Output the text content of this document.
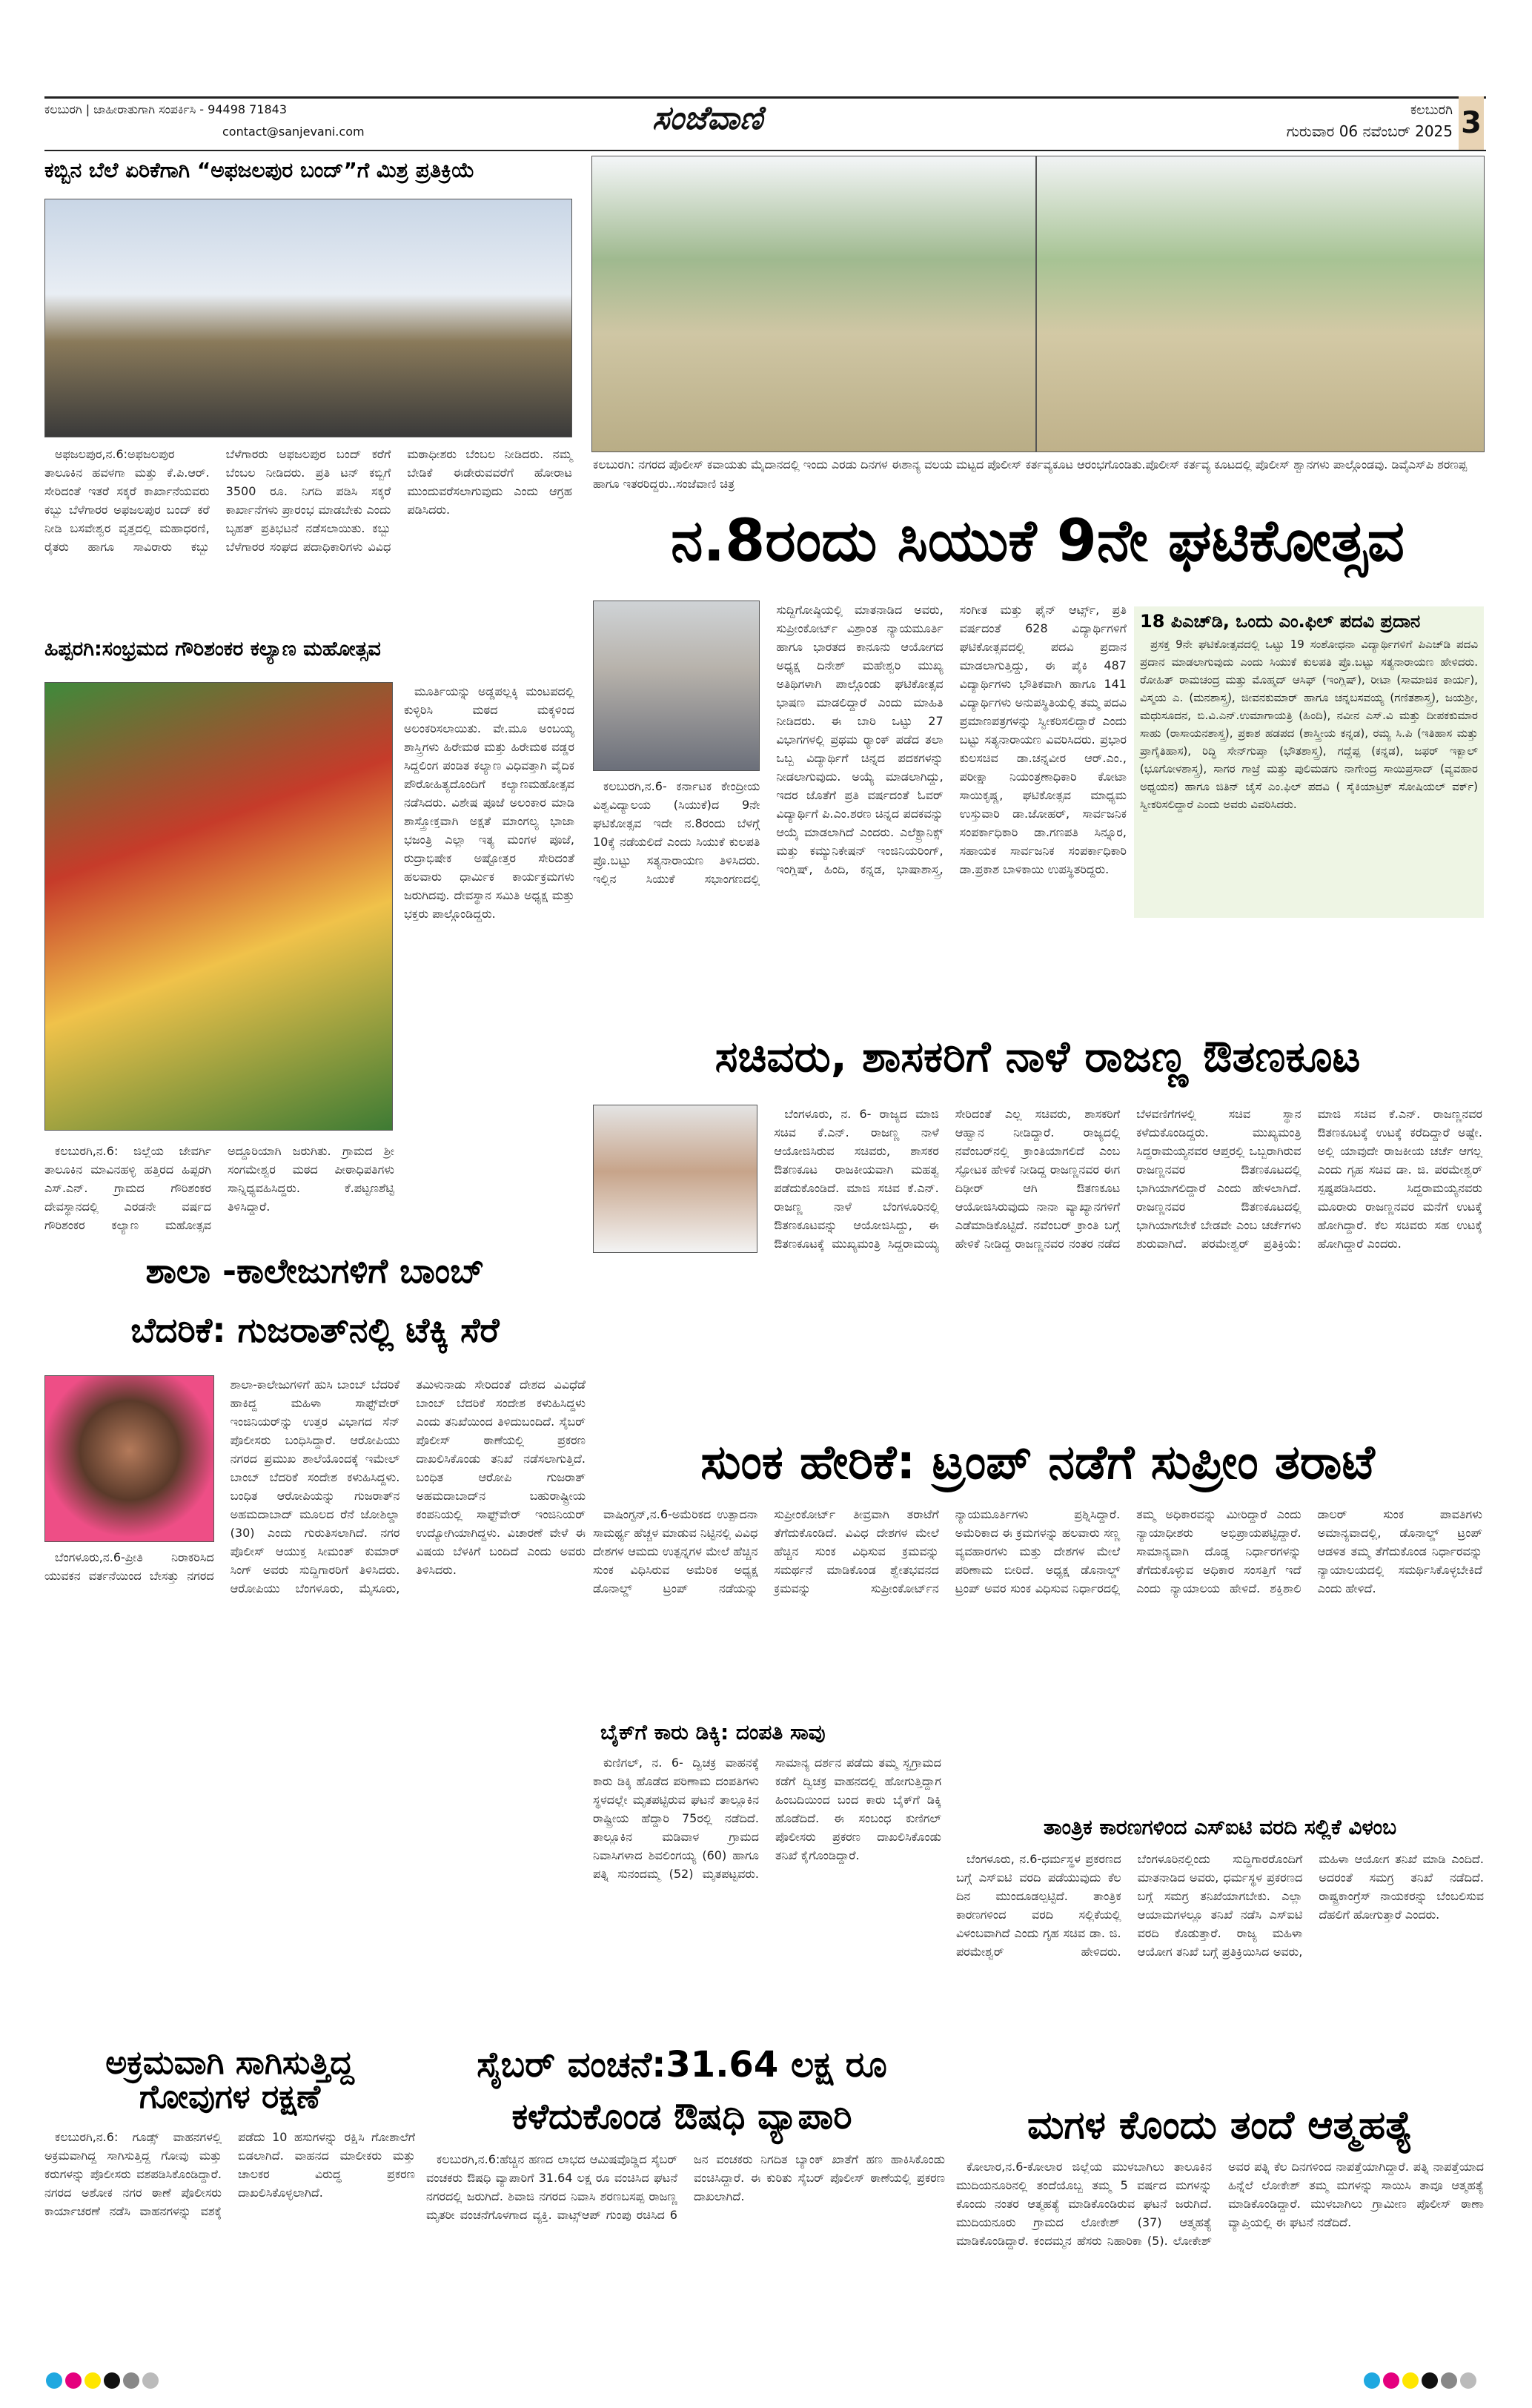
ಕಲಬುರಗಿ | ಜಾಹೀರಾತುಗಾಗಿ ಸಂಪರ್ಕಿಸಿ - 94498 71843
contact@sanjevani.com	ಸಂಜೆವಾಣಿ	ಕಲಬುರಗಿ
ಗುರುವಾರ 06 ನವೆಂಬರ್ 2025 3
ಕಬ್ಬಿನ ಬೆಲೆ ಏರಿಕೆಗಾಗಿ “ಅಫಜಲಪುರ ಬಂದ್”ಗೆ ಮಿಶ್ರ ಪ್ರತಿಕ್ರಿಯೆ

ಅಫಜಲಪುರ,ನ.6:ಅಫಜಲಪುರ ತಾಲೂಕಿನ ಹವಳಗಾ ಮತ್ತು ಕೆ.ಪಿ.ಆರ್. ಸೇರಿದಂತೆ ಇತರೆ ಸಕ್ಕರೆ ಕಾರ್ಖಾನೆಯವರು ಕಬ್ಬು ಬೆಳೆಗಾರರ ಅಫಜಲಪುರ ಬಂದ್ ಕರೆ ನೀಡಿ ಬಸವೇಶ್ವರ ವೃತ್ತದಲ್ಲಿ ಮಹಾಧರಣಿ, ರೈತರು ಹಾಗೂ ಸಾವಿರಾರು ಕಬ್ಬು ಬೆಳೆಗಾರರು ಅಫಜಲಪುರ ಬಂದ್ ಕರೆಗೆ ಬೆಂಬಲ ನೀಡಿದರು. ಪ್ರತಿ ಟನ್ ಕಬ್ಬಿಗೆ 3500 ರೂ. ನಿಗದಿ ಪಡಿಸಿ ಸಕ್ಕರೆ ಕಾರ್ಖಾನೆಗಳು ಪ್ರಾರಂಭ ಮಾಡಬೇಕು ಎಂದು ಬೃಹತ್ ಪ್ರತಿಭಟನೆ ನಡೆಸಲಾಯಿತು. ಕಬ್ಬು ಬೆಳೆಗಾರರ ಸಂಘದ ಪದಾಧಿಕಾರಿಗಳು ವಿವಿಧ ಮಠಾಧೀಶರು ಬೆಂಬಲ ನೀಡಿದರು. ನಮ್ಮ ಬೇಡಿಕೆ ಈಡೇರುವವರೆಗೆ ಹೋರಾಟ ಮುಂದುವರೆಸಲಾಗುವುದು ಎಂದು ಆಗ್ರಹ ಪಡಿಸಿದರು.

ಕಲಬುರಗಿ: ನಗರದ ಪೊಲೀಸ್ ಕವಾಯತು ಮೈದಾನದಲ್ಲಿ ಇಂದು ಎರಡು ದಿನಗಳ ಈಶಾನ್ಯ ವಲಯ ಮಟ್ಟದ ಪೊಲೀಸ್ ಕರ್ತವ್ಯಕೂಟ ಆರಂಭಗೊಂಡಿತು.ಪೊಲೀಸ್ ಕರ್ತವ್ಯ ಕೂಟದಲ್ಲಿ ಪೊಲೀಸ್ ಶ್ವಾನಗಳು ಪಾಲ್ಗೊಂಡವು. ಡಿವೈಎಸ್‌ಪಿ ಶರಣಪ್ಪ ಹಾಗೂ ಇತರರಿದ್ದರು..ಸಂಜೆವಾಣಿ ಚಿತ್ರ
ನ.8ರಂದು ಸಿಯುಕೆ 9ನೇ ಘಟಿಕೋತ್ಸವ

ಕಲಬುರಗಿ,ನ.6- ಕರ್ನಾಟಕ ಕೇಂದ್ರೀಯ ವಿಶ್ವವಿದ್ಯಾಲಯ (ಸಿಯುಕೆ)ದ 9ನೇ ಘಟಿಕೋತ್ಸವ ಇದೇ ನ.8ರಂದು ಬೆಳಗ್ಗೆ 10ಕ್ಕೆ ನಡೆಯಲಿದೆ ಎಂದು ಸಿಯುಕೆ ಕುಲಪತಿ ಪ್ರೊ.ಬಟ್ಟು ಸತ್ಯನಾರಾಯಣ ತಿಳಿಸಿದರು. ಇಲ್ಲಿನ ಸಿಯುಕೆ ಸಭಾಂಗಣದಲ್ಲಿ ಸುದ್ದಿಗೋಷ್ಠಿಯಲ್ಲಿ ಮಾತನಾಡಿದ ಅವರು, ಸುಪ್ರೀಂಕೋರ್ಟ್ ವಿಶ್ರಾಂತ ನ್ಯಾಯಮೂರ್ತಿ ಹಾಗೂ ಭಾರತದ ಕಾನೂನು ಆಯೋಗದ ಅಧ್ಯಕ್ಷ ದಿನೇಶ್ ಮಹೇಶ್ವರಿ ಮುಖ್ಯ ಅತಿಥಿಗಳಾಗಿ ಪಾಲ್ಗೊಂಡು ಘಟಿಕೋತ್ಸವ ಭಾಷಣ ಮಾಡಲಿದ್ದಾರೆ ಎಂದು ಮಾಹಿತಿ ನೀಡಿದರು. ಈ ಬಾರಿ ಒಟ್ಟು 27 ವಿಭಾಗಗಳಲ್ಲಿ ಪ್ರಥಮ ರ‍್ಯಾಂಕ್ ಪಡೆದ ತಲಾ ಒಬ್ಬ ವಿದ್ಯಾರ್ಥಿಗೆ ಚಿನ್ನದ ಪದಕಗಳನ್ನು ನೀಡಲಾಗುವುದು. ಅಯ್ಯೆ ಮಾಡಲಾಗಿದ್ದು, ಇದರ ಜೊತೆಗೆ ಪ್ರತಿ ವರ್ಷದಂತೆ ಓವರ್ ವಿದ್ಯಾರ್ಥಿಗೆ ಪಿ.ಎಂ.ಶರಣ ಚಿನ್ನದ ಪದಕವನ್ನು ಆಯ್ಕೆ ಮಾಡಲಾಗಿದೆ ಎಂದರು. ಎಲೆಕ್ಟ್ರಾನಿಕ್ಸ್ ಮತ್ತು ಕಮ್ಯುನಿಕೇಷನ್ ಇಂಜಿನಿಯರಿಂಗ್, ಇಂಗ್ಲಿಷ್, ಹಿಂದಿ, ಕನ್ನಡ, ಭಾಷಾಶಾಸ್ತ್ರ, ಸಂಗೀತ ಮತ್ತು ಫೈನ್ ಆರ್ಟ್ಸ್, ಪ್ರತಿ ವರ್ಷದಂತೆ 628 ವಿದ್ಯಾರ್ಥಿಗಳಿಗೆ ಘಟಿಕೋತ್ಸವದಲ್ಲಿ ಪದವಿ ಪ್ರದಾನ ಮಾಡಲಾಗುತ್ತಿದ್ದು, ಈ ಪೈಕಿ 487 ವಿದ್ಯಾರ್ಥಿಗಳು ಭೌತಿಕವಾಗಿ ಹಾಗೂ 141 ವಿದ್ಯಾರ್ಥಿಗಳು ಅನುಪಸ್ಥಿತಿಯಲ್ಲಿ ತಮ್ಮ ಪದವಿ ಪ್ರಮಾಣಪತ್ರಗಳನ್ನು ಸ್ವೀಕರಿಸಲಿದ್ದಾರೆ ಎಂದು ಬಟ್ಟು ಸತ್ಯನಾರಾಯಣ ವಿವರಿಸಿದರು. ಪ್ರಭಾರ ಕುಲಸಚಿವ ಡಾ.ಚನ್ನವೀರ ಆರ್.ಎಂ., ಪರೀಕ್ಷಾ ನಿಯಂತ್ರಣಾಧಿಕಾರಿ ಕೋಟಾ ಸಾಯಿಕೃಷ್ಣ, ಘಟಿಕೋತ್ಸವ ಮಾಧ್ಯಮ ಉಸ್ತುವಾರಿ ಡಾ.ಜೋಹರ್, ಸಾರ್ವಜನಿಕ ಸಂಪರ್ಕಾಧಿಕಾರಿ ಡಾ.ಗಣಪತಿ ಸಿನ್ನೂರ, ಸಹಾಯಕ ಸಾರ್ವಜನಿಕ ಸಂಪರ್ಕಾಧಿಕಾರಿ ಡಾ.ಪ್ರಕಾಶ ಬಾಳಿಕಾಯಿ ಉಪಸ್ಥಿತರಿದ್ದರು.

18 ಪಿಎಚ್‌ಡಿ, ಒಂದು ಎಂ.ಫಿಲ್ ಪದವಿ ಪ್ರದಾನ

ಪ್ರಸಕ್ತ 9ನೇ ಘಟಿಕೋತ್ಸವದಲ್ಲಿ ಒಟ್ಟು 19 ಸಂಶೋಧನಾ ವಿದ್ಯಾರ್ಥಿಗಳಿಗೆ ಪಿಎಚ್‌ಡಿ ಪದವಿ ಪ್ರದಾನ ಮಾಡಲಾಗುವುದು ಎಂದು ಸಿಯುಕೆ ಕುಲಪತಿ ಪ್ರೊ.ಬಟ್ಟು ಸತ್ಯನಾರಾಯಣ ಹೇಳಿದರು. ರೋಹಿತ್ ರಾಮಚಂದ್ರ ಮತ್ತು ಮೊಹ್ಮದ್ ಆಸಿಫ್ (ಇಂಗ್ಲಿಷ್), ರೀಟಾ (ಸಾಮಾಜಿಕ ಕಾರ್ಯ), ವಿಸ್ಮಯ ಎ. (ಮನಶಾಸ್ತ್ರ), ಜೀವನಕುಮಾರ್ ಹಾಗೂ ಚನ್ನಬಸವಯ್ಯ (ಗಣಿತಶಾಸ್ತ್ರ), ಜಯಶ್ರೀ, ಮಧುಸೂದನ, ಬಿ.ವಿ.ಎನ್.ಉಮಾಗಾಯತ್ರಿ (ಹಿಂದಿ), ನವೀನ ಎಸ್.ವಿ ಮತ್ತು ದೀಪಕಕುಮಾರ ಸಾಹು (ರಾಸಾಯನಶಾಸ್ತ್ರ), ಪ್ರಕಾಶ ಹಡಪದ (ಶಾಸ್ತ್ರೀಯ ಕನ್ನಡ), ರಮ್ಯ ಸಿ.ಪಿ (ಇತಿಹಾಸ ಮತ್ತು ಪ್ರಾಗೈತಿಹಾಸ), ರಿದ್ಧಿ ಸೇನ್‌ಗುಪ್ತಾ (ಭೌತಶಾಸ್ತ್ರ), ಗದ್ದೆಪ್ಪ (ಕನ್ನಡ), ಜಫರ್ ಇಕ್ಬಾಲ್ (ಭೂಗೋಳಶಾಸ್ತ್ರ), ಸಾಗರ ಗಾಜ್ರೆ ಮತ್ತು ಪುಲಿಮಡಗು ನಾಗೇಂದ್ರ ಸಾಯಿಪ್ರಸಾದ್ (ವ್ಯವಹಾರ ಅಧ್ಯಯನ) ಹಾಗೂ ಜಿತಿನ್ ಜೈಸೆ ಎಂ.ಫಿಲ್ ಪದವಿ ( ಸೈಕಿಯಾಟ್ರಿಕ್ ಸೋಷಿಯಲ್ ವರ್ಕ್) ಸ್ವೀಕರಿಸಲಿದ್ದಾರೆ ಎಂದು ಅವರು ವಿವರಿಸಿದರು.

ಹಿಪ್ಪರಗಿ:ಸಂಭ್ರಮದ ಗೌರಿಶಂಕರ ಕಲ್ಯಾಣ ಮಹೋತ್ಸವ

ಮೂರ್ತಿಯನ್ನು ಅಡ್ಡಪಲ್ಲಕ್ಕಿ ಮಂಟಪದಲ್ಲಿ ಕುಳ್ಳಿರಿಸಿ ಮಠದ ಮಕ್ಕಳಿಂದ ಅಲಂಕರಿಸಲಾಯಿತು. ವೇ.ಮೂ ಅಂಬಯ್ಯ ಶಾಸ್ತ್ರಿಗಳು ಹಿರೇಮಠ ಮತ್ತು ಹಿರೇಮಠ ವಡ್ಡರ ಸಿದ್ದಲಿಂಗ ಪಂಡಿತ ಕಲ್ಯಾಣ ವಿಧಿವತ್ತಾಗಿ ವೈದಿಕ ಪೌರೋಹಿತ್ಯದೊಂದಿಗೆ ಕಲ್ಯಾಣಮಹೋತ್ಸವ ನಡೆಸಿದರು. ವಿಶೇಷ ಪೂಜೆ ಅಲಂಕಾರ ಮಾಡಿ ಶಾಸ್ತ್ರೋಕ್ತವಾಗಿ ಅಕ್ಷತೆ ಮಾಂಗಲ್ಯ ಭಾಜಾ ಭಜಂತ್ರಿ ಎಲ್ಲಾ ಇತ್ಯ ಮಂಗಳ ಪೂಜೆ, ರುದ್ರಾಭಿಷೇಕ ಅಷ್ಟೋತ್ತರ ಸೇರಿದಂತೆ ಹಲವಾರು ಧಾರ್ಮಿಕ ಕಾರ್ಯಕ್ರಮಗಳು ಜರುಗಿದವು. ದೇವಸ್ಥಾನ ಸಮಿತಿ ಅಧ್ಯಕ್ಷ ಮತ್ತು ಭಕ್ತರು ಪಾಲ್ಗೊಂಡಿದ್ದರು.

ಕಲಬುರಗಿ,ನ.6: ಜಿಲ್ಲೆಯ ಜೇವರ್ಗಿ ತಾಲೂಕಿನ ಮಾವಿನಹಳ್ಳಿ ಹತ್ತಿರದ ಹಿಪ್ಪರಗಿ ಎಸ್.ಎನ್. ಗ್ರಾಮದ ಗೌರಿಶಂಕರ ದೇವಸ್ಥಾನದಲ್ಲಿ ಎರಡನೇ ವರ್ಷದ ಗೌರಿಶಂಕರ ಕಲ್ಯಾಣ ಮಹೋತ್ಸವ ಅದ್ದೂರಿಯಾಗಿ ಜರುಗಿತು. ಗ್ರಾಮದ ಶ್ರೀ ಸಂಗಮೇಶ್ವರ ಮಠದ ಪೀಠಾಧಿಪತಿಗಳು ಸಾನ್ನಿಧ್ಯವಹಿಸಿದ್ದರು. ಕೆ.ಪಟ್ಟಣಶೆಟ್ಟಿ ತಿಳಿಸಿದ್ದಾರೆ.

ಸಚಿವರು, ಶಾಸಕರಿಗೆ ನಾಳೆ ರಾಜಣ್ಣ ಔತಣಕೂಟ

ಬೆಂಗಳೂರು, ನ. 6- ರಾಜ್ಯದ ಮಾಜಿ ಸಚಿವ ಕೆ.ಎನ್. ರಾಜಣ್ಣ ನಾಳೆ ಆಯೋಜಿಸಿರುವ ಸಚಿವರು, ಶಾಸಕರ ಔತಣಕೂಟ ರಾಜಕೀಯವಾಗಿ ಮಹತ್ವ ಪಡೆದುಕೊಂಡಿದೆ. ಮಾಜಿ ಸಚಿವ ಕೆ.ಎನ್. ರಾಜಣ್ಣ ನಾಳೆ ಬೆಂಗಳೂರಿನಲ್ಲಿ ಔತಣಕೂಟವನ್ನು ಆಯೋಜಿಸಿದ್ದು, ಈ ಔತಣಕೂಟಕ್ಕೆ ಮುಖ್ಯಮಂತ್ರಿ ಸಿದ್ದರಾಮಯ್ಯ ಸೇರಿದಂತೆ ಎಲ್ಲ ಸಚಿವರು, ಶಾಸಕರಿಗೆ ಆಹ್ವಾನ ನೀಡಿದ್ದಾರೆ. ರಾಜ್ಯದಲ್ಲಿ ನವೆಂಬರ್‌ನಲ್ಲಿ ಕ್ರಾಂತಿಯಾಗಲಿದೆ ಎಂಬ ಸ್ಫೋಟಕ ಹೇಳಿಕೆ ನೀಡಿದ್ದ ರಾಜಣ್ಣನವರ ಈಗ ದಿಢೀರ್ ಆಗಿ ಔತಣಕೂಟ ಆಯೋಜಿಸಿರುವುದು ನಾನಾ ವ್ಯಾಖ್ಯಾನಗಳಿಗೆ ಎಡೆಮಾಡಿಕೊಟ್ಟಿದೆ. ನವೆಂಬರ್ ಕ್ರಾಂತಿ ಬಗ್ಗೆ ಹೇಳಿಕೆ ನೀಡಿದ್ದ ರಾಜಣ್ಣನವರ ನಂತರ ನಡೆದ ಬೆಳವಣಿಗೆಗಳಲ್ಲಿ ಸಚಿವ ಸ್ಥಾನ ಕಳೆದುಕೊಂಡಿದ್ದರು. ಮುಖ್ಯಮಂತ್ರಿ ಸಿದ್ದರಾಮಯ್ಯನವರ ಆಪ್ತರಲ್ಲಿ ಒಬ್ಬರಾಗಿರುವ ರಾಜಣ್ಣನವರ ಔತಣಕೂಟದಲ್ಲಿ ಭಾಗಿಯಾಗಲಿದ್ದಾರೆ ಎಂದು ಹೇಳಲಾಗಿದೆ. ರಾಜಣ್ಣನವರ ಔತಣಕೂಟದಲ್ಲಿ ಭಾಗಿಯಾಗಬೇಕೆ ಬೇಡವೇ ಎಂಬ ಚರ್ಚೆಗಳು ಶುರುವಾಗಿದೆ. ಪರಮೇಶ್ವರ್ ಪ್ರತಿಕ್ರಿಯೆ: ಮಾಜಿ ಸಚಿವ ಕೆ.ಎನ್. ರಾಜಣ್ಣನವರ ಔತಣಕೂಟಕ್ಕೆ ಉಟಕ್ಕೆ ಕರೆದಿದ್ದಾರೆ ಅಷ್ಟೇ. ಅಲ್ಲಿ ಯಾವುದೇ ರಾಜಕೀಯ ಚರ್ಚೆ ಆಗಲ್ಲ ಎಂದು ಗೃಹ ಸಚಿವ ಡಾ. ಜಿ. ಪರಮೇಶ್ವರ್ ಸ್ಪಷ್ಟಪಡಿಸಿದರು. ಸಿದ್ದರಾಮಯ್ಯನವರು ಮೂರಾರು ರಾಜಣ್ಣನವರ ಮನೆಗೆ ಉಟಕ್ಕೆ ಹೋಗಿದ್ದಾರೆ. ಕೆಲ ಸಚಿವರು ಸಹ ಉಟಕ್ಕೆ ಹೋಗಿದ್ದಾರೆ ಎಂದರು.

ಶಾಲಾ -ಕಾಲೇಜುಗಳಿಗೆ ಬಾಂಬ್
ಬೆದರಿಕೆ: ಗುಜರಾತ್‌ನಲ್ಲಿ ಟೆಕ್ಕಿ ಸೆರೆ

ಬೆಂಗಳೂರು,ನ.6-ಪ್ರೀತಿ ನಿರಾಕರಿಸಿದ ಯುವಕನ ವರ್ತನೆಯಿಂದ ಬೇಸತ್ತು ನಗರದ ಶಾಲಾ-ಕಾಲೇಜುಗಳಿಗೆ ಹುಸಿ ಬಾಂಬ್ ಬೆದರಿಕೆ ಹಾಕಿದ್ದ ಮಹಿಳಾ ಸಾಫ್ಟ್‌ವೇರ್ ಇಂಜಿನಿಯರ್‌ನ್ನು ಉತ್ತರ ವಿಭಾಗದ ಸೆನ್ ಪೊಲೀಸರು ಬಂಧಿಸಿದ್ದಾರೆ. ಆರೋಪಿಯು ನಗರದ ಪ್ರಮುಖ ಶಾಲೆಯೊಂದಕ್ಕೆ ಇಮೇಲ್ ಬಾಂಬ್ ಬೆದರಿಕೆ ಸಂದೇಶ ಕಳುಹಿಸಿದ್ದಳು. ಬಂಧಿತ ಆರೋಪಿಯನ್ನು ಗುಜರಾತ್‌ನ ಅಹಮದಾಬಾದ್ ಮೂಲದ ರೆನೆ ಜೋಶಿಲ್ಡಾ (30) ಎಂದು ಗುರುತಿಸಲಾಗಿದೆ. ನಗರ ಪೊಲೀಸ್ ಆಯುಕ್ತ ಸೀಮಂತ್ ಕುಮಾರ್ ಸಿಂಗ್ ಅವರು ಸುದ್ದಿಗಾರರಿಗೆ ತಿಳಿಸಿದರು. ಆರೋಪಿಯು ಬೆಂಗಳೂರು, ಮೈಸೂರು, ತಮಿಳುನಾಡು ಸೇರಿದಂತೆ ದೇಶದ ವಿವಿಧೆಡೆ ಬಾಂಬ್ ಬೆದರಿಕೆ ಸಂದೇಶ ಕಳುಹಿಸಿದ್ದಳು ಎಂದು ತನಿಖೆಯಿಂದ ತಿಳಿದುಬಂದಿದೆ. ಸೈಬರ್ ಪೊಲೀಸ್ ಠಾಣೆಯಲ್ಲಿ ಪ್ರಕರಣ ದಾಖಲಿಸಿಕೊಂಡು ತನಿಖೆ ನಡೆಸಲಾಗುತ್ತಿದೆ. ಬಂಧಿತ ಆರೋಪಿ ಗುಜರಾತ್ ಅಹಮದಾಬಾದ್‌ನ ಬಹುರಾಷ್ಟ್ರೀಯ ಕಂಪನಿಯಲ್ಲಿ ಸಾಫ್ಟ್‌ವೇರ್ ಇಂಜಿನಿಯರ್ ಉದ್ಯೋಗಿಯಾಗಿದ್ದಳು. ವಿಚಾರಣೆ ವೇಳೆ ಈ ವಿಷಯ ಬೆಳಕಿಗೆ ಬಂದಿದೆ ಎಂದು ಅವರು ತಿಳಿಸಿದರು.

ಸುಂಕ ಹೇರಿಕೆ: ಟ್ರಂಪ್ ನಡೆಗೆ ಸುಪ್ರೀಂ ತರಾಟೆ

ವಾಷಿಂಗ್ಟನ್,ನ.6-ಅಮೆರಿಕದ ಉತ್ಪಾದನಾ ಸಾಮರ್ಥ್ಯ ಹೆಚ್ಚಳ ಮಾಡುವ ನಿಟ್ಟಿನಲ್ಲಿ ವಿವಿಧ ದೇಶಗಳ ಆಮದು ಉತ್ಪನ್ನಗಳ ಮೇಲೆ ಹೆಚ್ಚಿನ ಸುಂಕ ವಿಧಿಸಿರುವ ಅಮೆರಿಕ ಅಧ್ಯಕ್ಷ ಡೊನಾಲ್ಡ್ ಟ್ರಂಪ್ ನಡೆಯನ್ನು ಸುಪ್ರೀಂಕೋರ್ಟ್ ತೀವ್ರವಾಗಿ ತರಾಟೆಗೆ ತೆಗೆದುಕೊಂಡಿದೆ. ವಿವಿಧ ದೇಶಗಳ ಮೇಲೆ ಹೆಚ್ಚಿನ ಸುಂಕ ವಿಧಿಸುವ ಕ್ರಮವನ್ನು ಸಮರ್ಥನೆ ಮಾಡಿಕೊಂಡ ಶ್ವೇತಭವನದ ಕ್ರಮವನ್ನು ಸುಪ್ರೀಂಕೋರ್ಟ್‌ನ ನ್ಯಾಯಮೂರ್ತಿಗಳು ಪ್ರಶ್ನಿಸಿದ್ದಾರೆ. ಅಮೆರಿಕಾದ ಈ ಕ್ರಮಗಳನ್ನು ಹಲವಾರು ಸಣ್ಣ ವ್ಯವಹಾರಗಳು ಮತ್ತು ದೇಶಗಳ ಮೇಲೆ ಪರಿಣಾಮ ಬೀರಿದೆ. ಅಧ್ಯಕ್ಷ ಡೊನಾಲ್ಡ್ ಟ್ರಂಪ್ ಅವರ ಸುಂಕ ವಿಧಿಸುವ ನಿರ್ಧಾರದಲ್ಲಿ ತಮ್ಮ ಅಧಿಕಾರವನ್ನು ಮೀರಿದ್ದಾರೆ ಎಂದು ನ್ಯಾಯಾಧೀಶರು ಅಭಿಪ್ರಾಯಪಟ್ಟಿದ್ದಾರೆ. ಸಾಮಾನ್ಯವಾಗಿ ದೊಡ್ಡ ನಿರ್ಧಾರಗಳನ್ನು ತೆಗೆದುಕೊಳ್ಳುವ ಅಧಿಕಾರ ಸಂಸತ್ತಿಗೆ ಇದೆ ಎಂದು ನ್ಯಾಯಾಲಯ ಹೇಳಿದೆ. ಶಕ್ತಿಶಾಲಿ ಡಾಲರ್ ಸುಂಕ ಪಾವತಿಗಳು ಅಮಾನ್ಯವಾದಲ್ಲಿ, ಡೊನಾಲ್ಡ್ ಟ್ರಂಪ್ ಆಡಳಿತ ತಮ್ಮ ತೆಗೆದುಕೊಂಡ ನಿರ್ಧಾರವನ್ನು ನ್ಯಾಯಾಲಯದಲ್ಲಿ ಸಮರ್ಥಿಸಿಕೊಳ್ಳಬೇಕಿದೆ ಎಂದು ಹೇಳಿದೆ.

ಬೈಕ್‌ಗೆ ಕಾರು ಡಿಕ್ಕಿ: ದಂಪತಿ ಸಾವು

ಕುಣಿಗಲ್, ನ. 6- ದ್ವಿಚಕ್ರ ವಾಹನಕ್ಕೆ ಕಾರು ಡಿಕ್ಕಿ ಹೊಡೆದ ಪರಿಣಾಮ ದಂಪತಿಗಳು ಸ್ಥಳದಲ್ಲೇ ಮೃತಪಟ್ಟಿರುವ ಘಟನೆ ತಾಲ್ಲೂಕಿನ ರಾಷ್ಟ್ರೀಯ ಹೆದ್ದಾರಿ 75ರಲ್ಲಿ ನಡೆದಿದೆ. ತಾಲ್ಲೂಕಿನ ಮಡಿವಾಳ ಗ್ರಾಮದ ನಿವಾಸಿಗಳಾದ ಶಿವಲಿಂಗಯ್ಯ (60) ಹಾಗೂ ಪತ್ನಿ ಸುನಂದಮ್ಮ (52) ಮೃತಪಟ್ಟವರು. ಸಾಮಾನ್ಯ ದರ್ಶನ ಪಡೆದು ತಮ್ಮ ಸ್ವಗ್ರಾಮದ ಕಡೆಗೆ ದ್ವಿಚಕ್ರ ವಾಹನದಲ್ಲಿ ಹೋಗುತ್ತಿದ್ದಾಗ ಹಿಂಬದಿಯಿಂದ ಬಂದ ಕಾರು ಬೈಕ್‌ಗೆ ಡಿಕ್ಕಿ ಹೊಡೆದಿದೆ. ಈ ಸಂಬಂಧ ಕುಣಿಗಲ್ ಪೊಲೀಸರು ಪ್ರಕರಣ ದಾಖಲಿಸಿಕೊಂಡು ತನಿಖೆ ಕೈಗೊಂಡಿದ್ದಾರೆ.

ತಾಂತ್ರಿಕ ಕಾರಣಗಳಿಂದ ಎಸ್‌ಐಟಿ ವರದಿ ಸಲ್ಲಿಕೆ ವಿಳಂಬ

ಬೆಂಗಳೂರು, ನ.6-ಧರ್ಮಸ್ಥಳ ಪ್ರಕರಣದ ಬಗ್ಗೆ ಎಸ್‌ಐಟಿ ವರದಿ ಪಡೆಯುವುದು ಕೆಲ ದಿನ ಮುಂದೂಡಲ್ಪಟ್ಟಿದೆ. ತಾಂತ್ರಿಕ ಕಾರಣಗಳಿಂದ ವರದಿ ಸಲ್ಲಿಕೆಯಲ್ಲಿ ವಿಳಂಬವಾಗಿದೆ ಎಂದು ಗೃಹ ಸಚಿವ ಡಾ. ಜಿ. ಪರಮೇಶ್ವರ್ ಹೇಳಿದರು. ಬೆಂಗಳೂರಿನಲ್ಲಿಂದು ಸುದ್ದಿಗಾರರೊಂದಿಗೆ ಮಾತನಾಡಿದ ಅವರು, ಧರ್ಮಸ್ಥಳ ಪ್ರಕರಣದ ಬಗ್ಗೆ ಸಮಗ್ರ ತನಿಖೆಯಾಗಬೇಕು. ಎಲ್ಲಾ ಆಯಾಮಗಳಲ್ಲೂ ತನಿಖೆ ನಡೆಸಿ ಎಸ್‌ಐಟಿ ವರದಿ ಕೊಡುತ್ತಾರೆ. ರಾಜ್ಯ ಮಹಿಳಾ ಆಯೋಗ ತನಿಖೆ ಬಗ್ಗೆ ಪ್ರತಿಕ್ರಿಯಿಸಿದ ಅವರು, ಮಹಿಳಾ ಆಯೋಗ ತನಿಖೆ ಮಾಡಿ ಎಂದಿದೆ. ಅದರಂತೆ ಸಮಗ್ರ ತನಿಖೆ ನಡೆದಿದೆ. ರಾಷ್ಟ್ರಕಾಂಗ್ರೆಸ್ ನಾಯಕರನ್ನು ಬೆಂಬಲಿಸುವ ದೆಹಲಿಗೆ ಹೋಗುತ್ತಾರೆ ಎಂದರು.

ಅಕ್ರಮವಾಗಿ ಸಾಗಿಸುತ್ತಿದ್ದ ಗೋವುಗಳ ರಕ್ಷಣೆ

ಕಲಬುರಗಿ,ನ.6: ಗೂಡ್ಸ್ ವಾಹನಗಳಲ್ಲಿ ಅಕ್ರಮವಾಗಿದ್ದ ಸಾಗಿಸುತ್ತಿದ್ದ ಗೋವು ಮತ್ತು ಕರುಗಳನ್ನು ಪೊಲೀಸರು ವಶಪಡಿಸಿಕೊಂಡಿದ್ದಾರೆ. ನಗರದ ಅಶೋಕ ನಗರ ಠಾಣೆ ಪೊಲೀಸರು ಕಾರ್ಯಾಚರಣೆ ನಡೆಸಿ ವಾಹನಗಳನ್ನು ವಶಕ್ಕೆ ಪಡೆದು 10 ಹಸುಗಳನ್ನು ರಕ್ಷಿಸಿ ಗೋಶಾಲೆಗೆ ಬಿಡಲಾಗಿದೆ. ವಾಹನದ ಮಾಲೀಕರು ಮತ್ತು ಚಾಲಕರ ವಿರುದ್ಧ ಪ್ರಕರಣ ದಾಖಲಿಸಿಕೊಳ್ಳಲಾಗಿದೆ.

ಸೈಬರ್ ವಂಚನೆ:31.64 ಲಕ್ಷ ರೂ
ಕಳೆದುಕೊಂಡ ಔಷಧಿ ವ್ಯಾಪಾರಿ

ಕಲಬುರಗಿ,ನ.6:ಹೆಚ್ಚಿನ ಹಣದ ಲಾಭದ ಆಮಿಷವೊಡ್ಡಿದ ಸೈಬರ್ ವಂಚಕರು ಔಷಧಿ ವ್ಯಾಪಾರಿಗೆ 31.64 ಲಕ್ಷ ರೂ ವಂಚಿಸಿದ ಘಟನೆ ನಗರದಲ್ಲಿ ಜರುಗಿದೆ. ಶಿವಾಜಿ ನಗರದ ನಿವಾಸಿ ಶರಣಬಸಪ್ಪ ರಾಜಣ್ಣ ಮೃತರೀ ವಂಚನೆಗೊಳಗಾದ ವ್ಯಕ್ತಿ. ವಾಟ್ಸ್‌ಆಪ್ ಗುಂಪು ರಚಿಸಿದ 6 ಜನ ವಂಚಕರು ನಿಗದಿತ ಬ್ಯಾಂಕ್ ಖಾತೆಗೆ ಹಣ ಹಾಕಿಸಿಕೊಂಡು ವಂಚಿಸಿದ್ದಾರೆ. ಈ ಕುರಿತು ಸೈಬರ್ ಪೊಲೀಸ್ ಠಾಣೆಯಲ್ಲಿ ಪ್ರಕರಣ ದಾಖಲಾಗಿದೆ.

ಮಗಳ ಕೊಂದು ತಂದೆ ಆತ್ಮಹತ್ಯೆ

ಕೋಲಾರ,ನ.6-ಕೋಲಾರ ಜಿಲ್ಲೆಯ ಮುಳಬಾಗಿಲು ತಾಲೂಕಿನ ಮುದಿಯನೂರಿನಲ್ಲಿ ತಂದೆಯೊಬ್ಬ ತಮ್ಮ 5 ವರ್ಷದ ಮಗಳನ್ನು ಕೊಂದು ನಂತರ ಆತ್ಮಹತ್ಯೆ ಮಾಡಿಕೊಂಡಿರುವ ಘಟನೆ ಜರುಗಿದೆ. ಮುದಿಯನೂರು ಗ್ರಾಮದ ಲೋಕೇಶ್ (37) ಆತ್ಮಹತ್ಯೆ ಮಾಡಿಕೊಂಡಿದ್ದಾರೆ. ಕಂದಮ್ಮನ ಹೆಸರು ನಿಹಾರಿಕಾ (5). ಲೋಕೇಶ್ ಅವರ ಪತ್ನಿ ಕೆಲ ದಿನಗಳಿಂದ ನಾಪತ್ತೆಯಾಗಿದ್ದಾರೆ. ಪತ್ನಿ ನಾಪತ್ತೆಯಾದ ಹಿನ್ನೆಲೆ ಲೋಕೇಶ್ ತಮ್ಮ ಮಗಳನ್ನು ಸಾಯಿಸಿ ತಾವೂ ಆತ್ಮಹತ್ಯೆ ಮಾಡಿಕೊಂಡಿದ್ದಾರೆ. ಮುಳಬಾಗಿಲು ಗ್ರಾಮೀಣ ಪೊಲೀಸ್ ಠಾಣಾ ವ್ಯಾಪ್ತಿಯಲ್ಲಿ ಈ ಘಟನೆ ನಡೆದಿದೆ.
